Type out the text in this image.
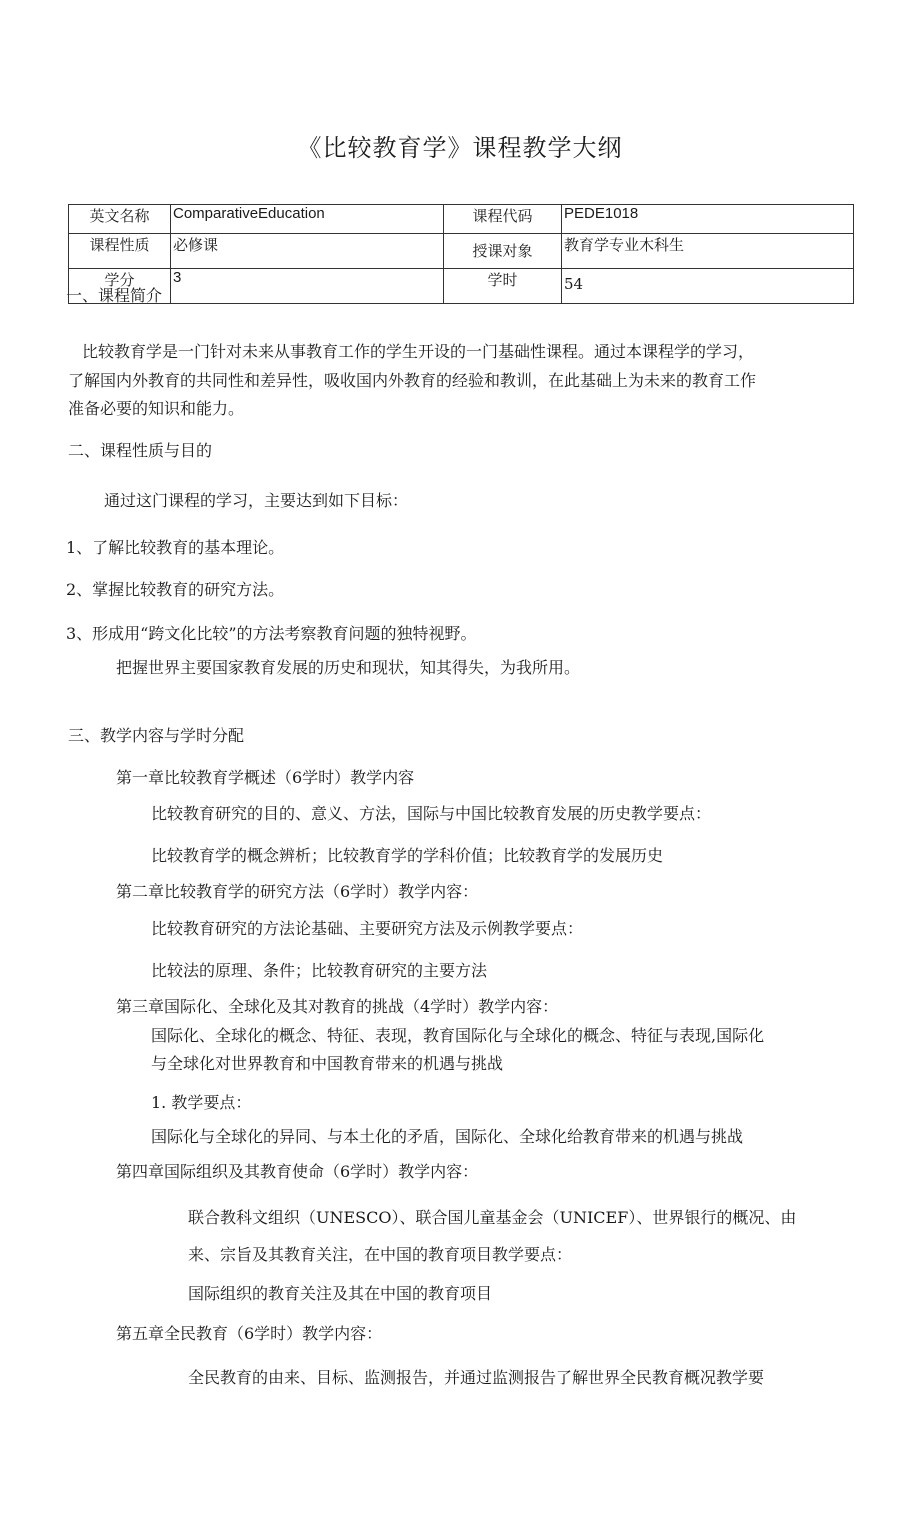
《比较教育学》课程教学大纲
英文名称	ComparativeEducation	课程代码	PEDE1018
课程性质	必修课	授课对象	教育学专业木科生
学分	3	学时	54
一、课程简介
比较教育学是一门针对未来从事教育工作的学生开设的一门基础性课程。通过本课程学的学习，
了解国内外教育的共同性和差异性，吸收国内外教育的经验和教训，在此基础上为未来的教育工作
准备必要的知识和能力。
二、课程性质与目的
通过这门课程的学习，主要达到如下目标：
1、了解比较教育的基本理论。
2、掌握比较教育的研究方法。
3、形成用“跨文化比较”的方法考察教育问题的独特视野。
把握世界主要国家教育发展的历史和现状，知其得失，为我所用。
三、教学内容与学时分配
第一章比较教育学概述（6学时）教学内容
比较教育研究的目的、意义、方法，国际与中国比较教育发展的历史教学要点：
比较教育学的概念辨析；比较教育学的学科价值；比较教育学的发展历史
第二章比较教育学的研究方法（6学时）教学内容：
比较教育研究的方法论基础、主要研究方法及示例教学要点：
比较法的原理、条件；比较教育研究的主要方法
第三章国际化、全球化及其对教育的挑战（4学时）教学内容：
国际化、全球化的概念、特征、表现，教育国际化与全球化的概念、特征与表现,国际化
与全球化对世界教育和中国教育带来的机遇与挑战
1. 教学要点：
国际化与全球化的异同、与本土化的矛盾，国际化、全球化给教育带来的机遇与挑战
第四章国际组织及其教育使命（6学时）教学内容：
联合教科文组织（UNESCO）、联合国儿童基金会（UNICEF）、世界银行的概况、由
来、宗旨及其教育关注，在中国的教育项目教学要点：
国际组织的教育关注及其在中国的教育项目
第五章全民教育（6学时）教学内容：
全民教育的由来、目标、监测报告，并通过监测报告了解世界全民教育概况教学要
